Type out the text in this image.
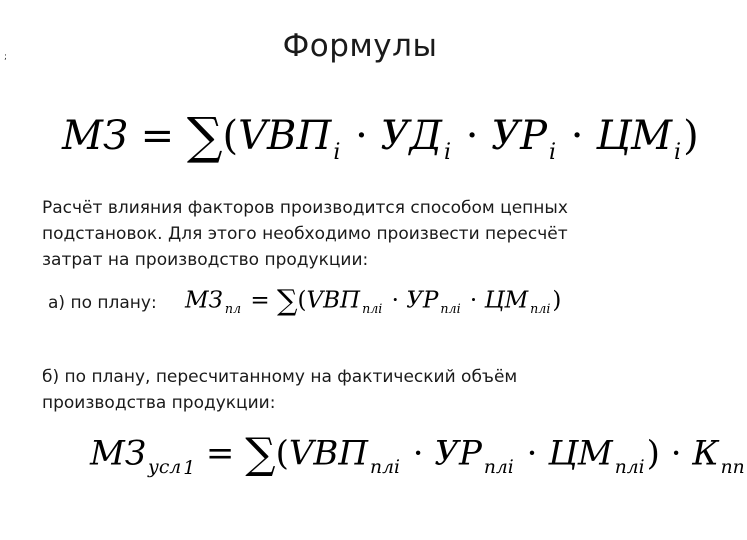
;	Формулы
МЗ = $\sum(VВП_i \cdot УД_i \cdot УР_i \cdot ЦМ_i)$
Расчёт влияния факторов производится способом цепных
подстановок. Для этого необходимо произвести пересчёт
затрат на производство продукции:
а) по плану: МЗ $_{пл}$ = ∑(VВП $_{плi}$ · УР $_{плi}$ · ЦМ $_{плi}$)
б) по плану, пересчитанному на фактический объём
производства продукции:
МЗ $_{усл}$ $_1$ = ∑(VВП $_{плi}$ · УР $_{плi}$ · ЦМ $_{плi}$) · К $_{пп}$
